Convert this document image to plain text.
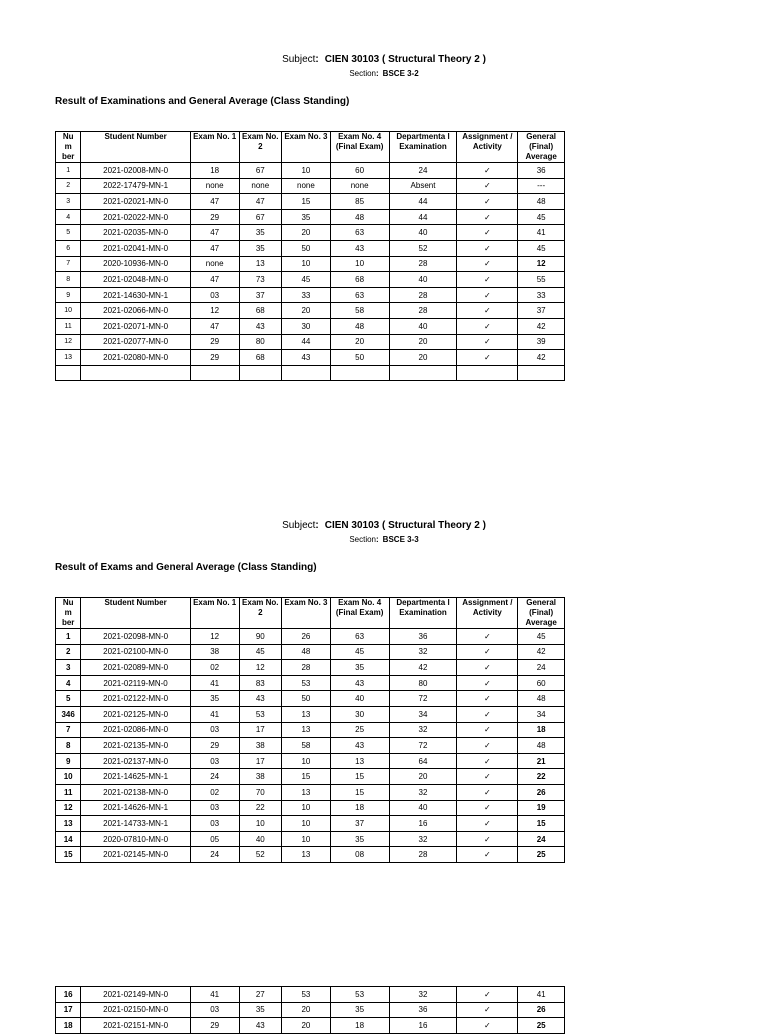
Subject: CIEN 30103 ( Structural Theory 2 )
Section: BSCE 3-2
Result of Examinations and General Average (Class Standing)
Nu
m
ber	Student Number	Exam No. 1	Exam No. 2	Exam No. 3	Exam No. 4 (Final Exam)	Departmenta l Examination	Assignment / Activity	General (Final) Average
1	2021-02008-MN-0	18	67	10	60	24	✓	36
2	2022-17479-MN-1	none	none	none	none	Absent	✓	---
3	2021-02021-MN-0	47	47	15	85	44	✓	48
4	2021-02022-MN-0	29	67	35	48	44	✓	45
5	2021-02035-MN-0	47	35	20	63	40	✓	41
6	2021-02041-MN-0	47	35	50	43	52	✓	45
7	2020-10936-MN-0	none	13	10	10	28	✓	12
8	2021-02048-MN-0	47	73	45	68	40	✓	55
9	2021-14630-MN-1	03	37	33	63	28	✓	33
10	2021-02066-MN-0	12	68	20	58	28	✓	37
11	2021-02071-MN-0	47	43	30	48	40	✓	42
12	2021-02077-MN-0	29	80	44	20	20	✓	39
13	2021-02080-MN-0	29	68	43	50	20	✓	42

Subject: CIEN 30103 ( Structural Theory 2 )
Section: BSCE 3-3
Result of Exams and General Average (Class Standing)
Nu
m
ber	Student Number	Exam No. 1	Exam No. 2	Exam No. 3	Exam No. 4 (Final Exam)	Departmenta l Examination	Assignment / Activity	General (Final) Average
1	2021-02098-MN-0	12	90	26	63	36	✓	45
2	2021-02100-MN-0	38	45	48	45	32	✓	42
3	2021-02089-MN-0	02	12	28	35	42	✓	24
4	2021-02119-MN-0	41	83	53	43	80	✓	60
5	2021-02122-MN-0	35	43	50	40	72	✓	48
346	2021-02125-MN-0	41	53	13	30	34	✓	34
7	2021-02086-MN-0	03	17	13	25	32	✓	18
8	2021-02135-MN-0	29	38	58	43	72	✓	48
9	2021-02137-MN-0	03	17	10	13	64	✓	21
10	2021-14625-MN-1	24	38	15	15	20	✓	22
11	2021-02138-MN-0	02	70	13	15	32	✓	26
12	2021-14626-MN-1	03	22	10	18	40	✓	19
13	2021-14733-MN-1	03	10	10	37	16	✓	15
14	2020-07810-MN-0	05	40	10	35	32	✓	24
15	2021-02145-MN-0	24	52	13	08	28	✓	25
16	2021-02149-MN-0	41	27	53	53	32	✓	41
17	2021-02150-MN-0	03	35	20	35	36	✓	26
18	2021-02151-MN-0	29	43	20	18	16	✓	25
